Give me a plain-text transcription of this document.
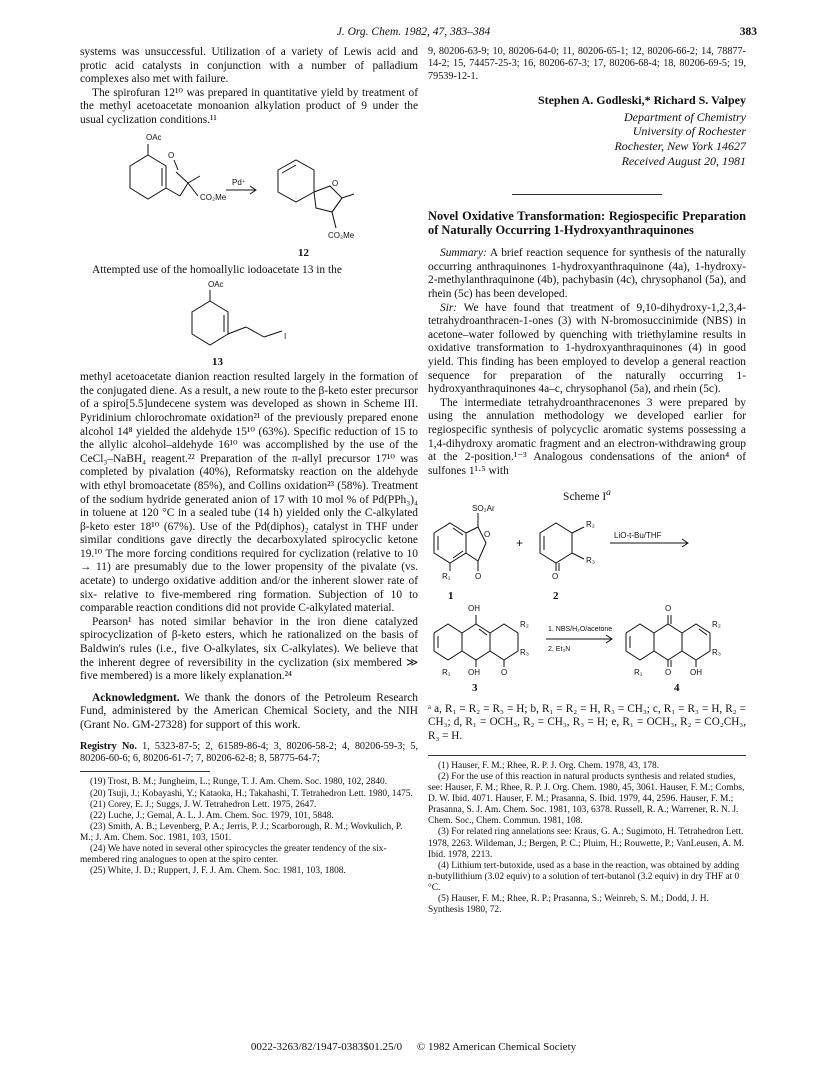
J. Org. Chem. 1982, 47, 383–384	383

systems was unsuccessful. Utilization of a variety of Lewis acid and protic acid catalysts in conjunction with a number of palladium complexes also met with failure.

The spirofuran 12¹⁰ was prepared in quantitative yield by treatment of the methyl acetoacetate monoanion alkylation product of 9 under the usual cyclization conditions.¹¹

OAc
O
CO₂Me
Pd⁺	O
CO₂Me
12

Attempted use of the homoallylic iodoacetate 13 in the

OAc
I
13

methyl acetoacetate dianion reaction resulted largely in the formation of the conjugated diene. As a result, a new route to the β-keto ester precursor of a spiro[5.5]undecene system was developed as shown in Scheme III. Pyridinium chlorochromate oxidation²¹ of the previously prepared enone alcohol 14⁸ yielded the aldehyde 15¹⁰ (63%). Specific reduction of 15 to the allylic alcohol–aldehyde 16¹⁰ was accomplished by the use of the CeCl₃–NaBH₄ reagent.²² Preparation of the π-allyl precursor 17¹⁰ was completed by pivalation (40%), Reformatsky reaction on the aldehyde with ethyl bromoacetate (85%), and Collins oxidation²³ (58%). Treatment of the sodium hydride generated anion of 17 with 10 mol % of Pd(PPh₃)₄ in toluene at 120 °C in a sealed tube (14 h) yielded only the C-alkylated β-keto ester 18¹⁰ (67%). Use of the Pd(diphos)₂ catalyst in THF under similar conditions gave directly the decarboxylated spirocyclic ketone 19.¹⁰ The more forcing conditions required for cyclization (relative to 10 → 11) are presumably due to the lower propensity of the pivalate (vs. acetate) to undergo oxidative addition and/or the inherent slower rate of six- relative to five-membered ring formation. Subjection of 10 to comparable reaction conditions did not provide C-alkylated material.

Pearson¹ has noted similar behavior in the iron diene catalyzed spirocyclization of β-keto esters, which he rationalized on the basis of Baldwin's rules (i.e., five O-alkylates, six C-alkylates). We believe that the inherent degree of reversibility in the cyclization (six membered ≫ five membered) is a more likely explanation.²⁴

Acknowledgment. We thank the donors of the Petroleum Research Fund, administered by the American Chemical Society, and the NIH (Grant No. GM-27328) for support of this work.

Registry No. 1, 5323-87-5; 2, 61589-86-4; 3, 80206-58-2; 4, 80206-59-3; 5, 80206-60-6; 6, 80206-61-7; 7, 80206-62-8; 8, 58775-64-7;

(19) Trost, B. M.; Jungheim, L.; Runge, T. J. Am. Chem. Soc. 1980, 102, 2840.
(20) Tsuji, J.; Kobayashi, Y.; Kataoka, H.; Takahashi, T. Tetrahedron Lett. 1980, 1475.
(21) Corey, E. J.; Suggs, J. W. Tetrahedron Lett. 1975, 2647.
(22) Luche, J.; Gemal, A. L. J. Am. Chem. Soc. 1979, 101, 5848.
(23) Smith, A. B.; Levenberg, P. A.; Jerris, P. J.; Scarborough, R. M.; Wovkulich, P. M.; J. Am. Chem. Soc. 1981, 103, 1501.
(24) We have noted in several other spirocycles the greater tendency of the six-membered ring analogues to open at the spiro center.
(25) White, J. D.; Ruppert, J. F. J. Am. Chem. Soc. 1981, 103, 1808.

9, 80206-63-9; 10, 80206-64-0; 11, 80206-65-1; 12, 80206-66-2; 14, 78877-14-2; 15, 74457-25-3; 16, 80206-67-3; 17, 80206-68-4; 18, 80206-69-5; 19, 79539-12-1.

Stephen A. Godleski,* Richard S. Valpey

Department of Chemistry
University of Rochester
Rochester, New York 14627
Received August 20, 1981

Novel Oxidative Transformation: Regiospecific Preparation of Naturally Occurring 1-Hydroxyanthraquinones

Summary: A brief reaction sequence for synthesis of the naturally occurring anthraquinones 1-hydroxyanthraquinone (4a), 1-hydroxy-2-methylanthraquinone (4b), pachybasin (4c), chrysophanol (5a), and rhein (5c) has been developed.

Sir: We have found that treatment of 9,10-dihydroxy-1,2,3,4-tetrahydroanthracen-1-ones (3) with N-bromosuccinimide (NBS) in acetone–water followed by quenching with triethylamine results in oxidative transformation to 1-hydroxyanthraquinones (4) in good yield. This finding has been employed to develop a general reaction sequence for preparation of the naturally occurring 1-hydroxyanthraquinones 4a–c, chrysophanol (5a), and rhein (5c).

The intermediate tetrahydroanthracenones 3 were prepared by using the annulation methodology we developed earlier for regiospecific synthesis of polycyclic aromatic systems possessing a 1,4-dihydroxy aromatic fragment and an electron-withdrawing group at the 2-position.¹⁻³ Analogous condensations of the anion⁴ of sulfones 1¹·⁵ with

Scheme $I^a$
O
O
SO₂Ar
R₁
1
+
R₂
R₃
O
2
LiO-t-Bu/THF
OH
OH	O
R₂
R₃
R₁
3
1. NBS/H₂O/acetone
2. Et₃N
O
O OH
R₂
R₃
R₁
4

ᵃ a, R₁ = R₂ = R₃ = H; b, R₁ = R₂ = H, R₃ = CH₃; c, R₁ = R₃ = H, R₂ = CH₃; d, R₁ = OCH₃, R₂ = CH₃, R₃ = H; e, R₁ = OCH₃, R₂ = CO₂CH₃, R₃ = H.

(1) Hauser, F. M.; Rhee, R. P. J. Org. Chem. 1978, 43, 178.
(2) For the use of this reaction in natural products synthesis and related studies, see: Hauser, F. M.; Rhee, R. P. J. Org. Chem. 1980, 45, 3061. Hauser, F. M.; Combs, D. W. Ibid. 4071. Hauser, F. M.; Prasanna, S. Ibid. 1979, 44, 2596. Hauser, F. M.; Prasanna, S. J. Am. Chem. Soc. 1981, 103, 6378. Russell, R. A.; Warrener, R. N. J. Chem. Soc., Chem. Commun. 1981, 108.
(3) For related ring annelations see: Kraus, G. A.; Sugimoto, H. Tetrahedron Lett. 1978, 2263. Wildeman, J.; Bergen, P. C.; Pluim, H.; Rouwette, P.; VanLeusen, A. M. Ibid. 1978, 2213.
(4) Lithium tert-butoxide, used as a base in the reaction, was obtained by adding n-butyllithium (3.02 equiv) to a solution of tert-butanol (3.2 equiv) in dry THF at 0 °C.
(5) Hauser, F. M.; Rhee, R. P.; Prasanna, S.; Weinreb, S. M.; Dodd, J. H. Synthesis 1980, 72.
0022-3263/82/1947-0383$01.25/0 © 1982 American Chemical Society
